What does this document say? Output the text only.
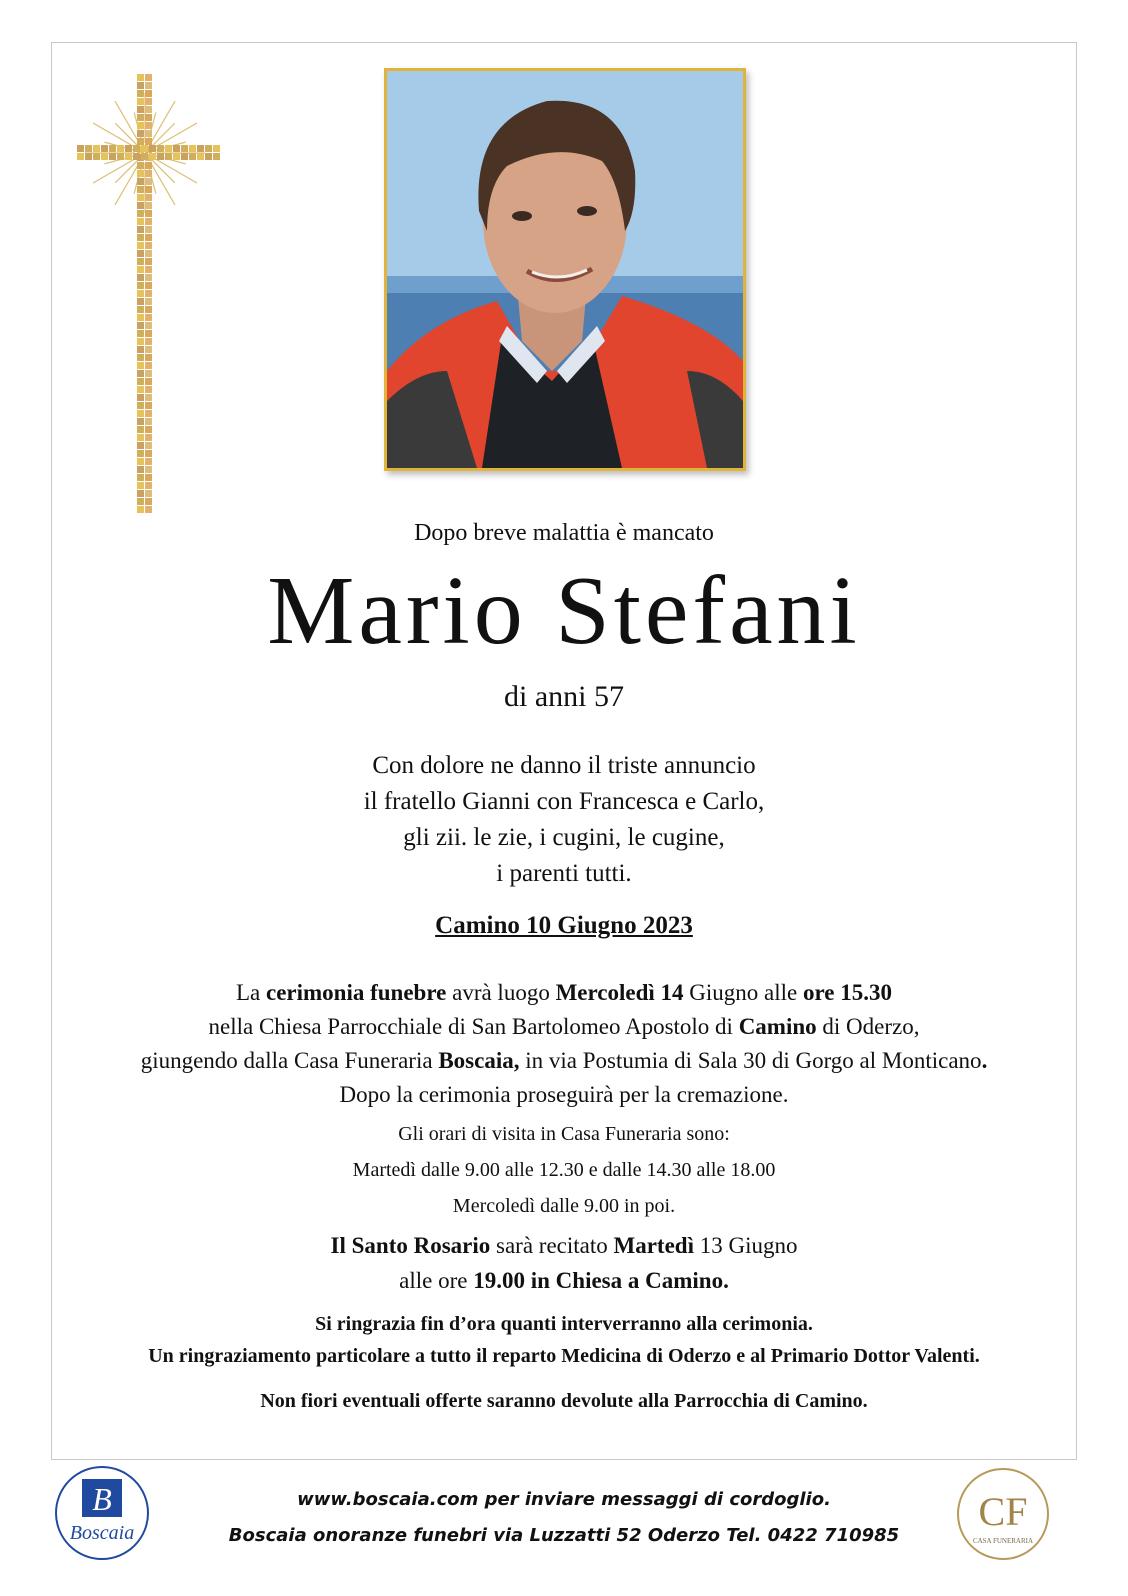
Dopo breve malattia è mancato
Mario Stefani
di anni 57
Con dolore ne danno il triste annuncio
il fratello Gianni con Francesca e Carlo,
gli zii. le zie, i cugini, le cugine,
i parenti tutti.
Camino 10 Giugno 2023
La cerimonia funebre avrà luogo Mercoledì 14 Giugno alle ore 15.30
nella Chiesa Parrocchiale di San Bartolomeo Apostolo di Camino di Oderzo,
giungendo dalla Casa Funeraria Boscaia, in via Postumia di Sala 30 di Gorgo al Monticano.
Dopo la cerimonia proseguirà per la cremazione.
Gli orari di visita in Casa Funeraria sono:
Martedì dalle 9.00 alle 12.30 e dalle 14.30 alle 18.00
Mercoledì dalle 9.00 in poi.
Il Santo Rosario sarà recitato Martedì 13 Giugno
alle ore 19.00 in Chiesa a Camino.
Si ringrazia fin d’ora quanti interverranno alla cerimonia.
Un ringraziamento particolare a tutto il reparto Medicina di Oderzo e al Primario Dottor Valenti.
Non fiori eventuali offerte saranno devolute alla Parrocchia di Camino.
www.boscaia.com per inviare messaggi di cordoglio.
Boscaia onoranze funebri via Luzzatti 52 Oderzo Tel. 0422 710985
B
Boscaia	CF
CASA FUNERARIA
